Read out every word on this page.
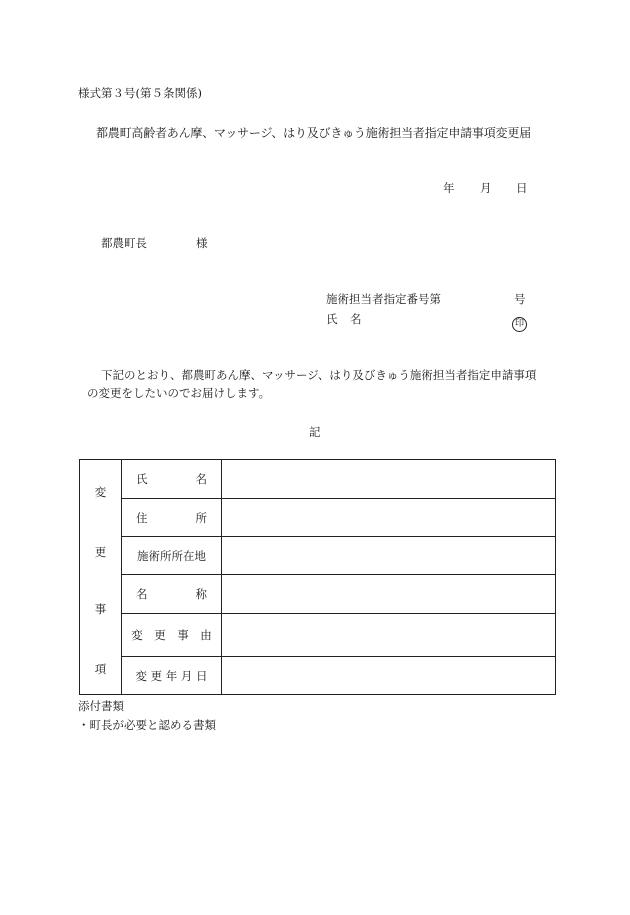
様式第３号(第５条関係)
都農町高齢者あん摩、マッサージ、はり及びきゅう施術担当者指定申請事項変更届
年 月 日
都農町長	様
施術担当者指定番号第	号
氏 名	印
下記のとおり、都農町あん摩、マッサージ、はり及びきゅう施術担当者指定申請事項
の変更をしたいのでお届けします。
記
変
更
事
項	氏 名	

	住 所	

	施術所所在地	

	名 称	

	変　更　事　由	

	変 更 年 月 日	

添付書類
・町長が必要と認める書類
